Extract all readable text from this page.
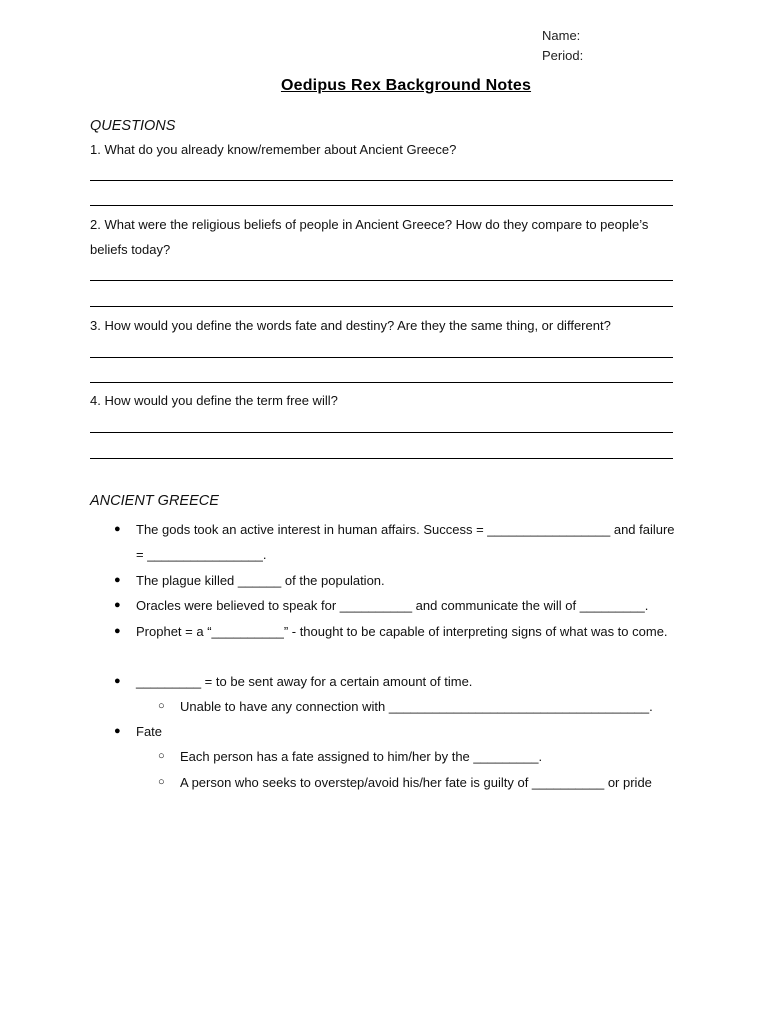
Name:
Period:
Oedipus Rex Background Notes
QUESTIONS
1. What do you already know/remember about Ancient Greece?
2. What were the religious beliefs of people in Ancient Greece? How do they compare to people’s beliefs today?
3. How would you define the words fate and destiny? Are they the same thing, or different?
4. How would you define the term free will?
ANCIENT GREECE
● The gods took an active interest in human affairs. Success = _________________ and failure = ________________.
● The plague killed ______ of the population.
● Oracles were believed to speak for __________ and communicate the will of _________.
● Prophet = a “__________” - thought to be capable of interpreting signs of what was to come.
● _________ = to be sent away for a certain amount of time.
○ Unable to have any connection with ____________________________________.
● Fate
○ Each person has a fate assigned to him/her by the _________.
○ A person who seeks to overstep/avoid his/her fate is guilty of __________ or pride
